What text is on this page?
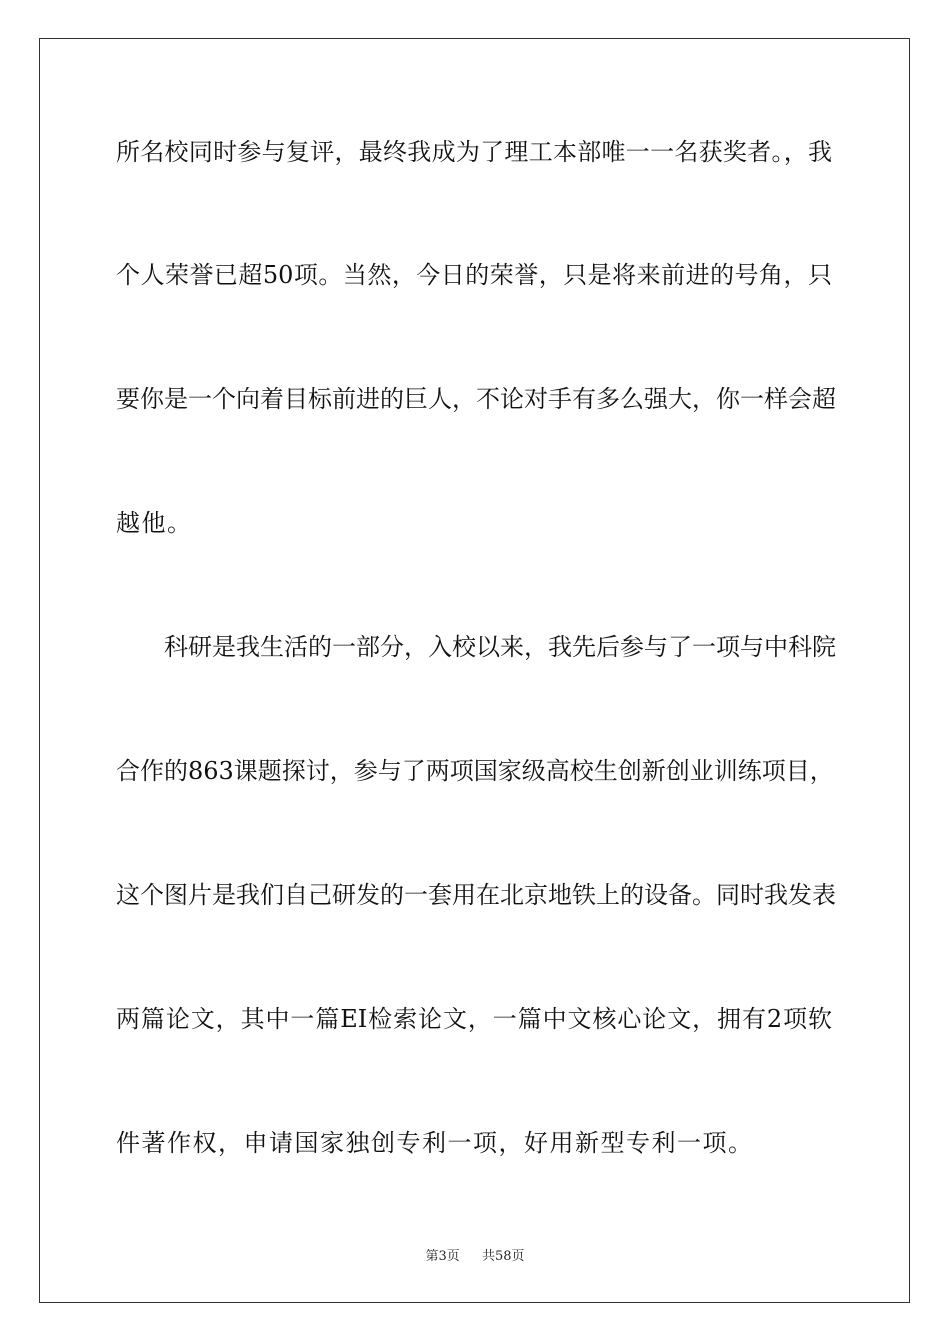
所名校同时参与复评，最终我成为了理工本部唯一一名获奖者。，我
个人荣誉已超50项。当然，今日的荣誉，只是将来前进的号角，只
要你是一个向着目标前进的巨人，不论对手有多么强大，你一样会超
越他。
科研是我生活的一部分，入校以来，我先后参与了一项与中科院
合作的863课题探讨，参与了两项国家级高校生创新创业训练项目，
这个图片是我们自己研发的一套用在北京地铁上的设备。同时我发表
两篇论文，其中一篇EI检索论文，一篇中文核心论文，拥有2项软
件著作权，申请国家独创专利一项，好用新型专利一项。
第3页 共58页
